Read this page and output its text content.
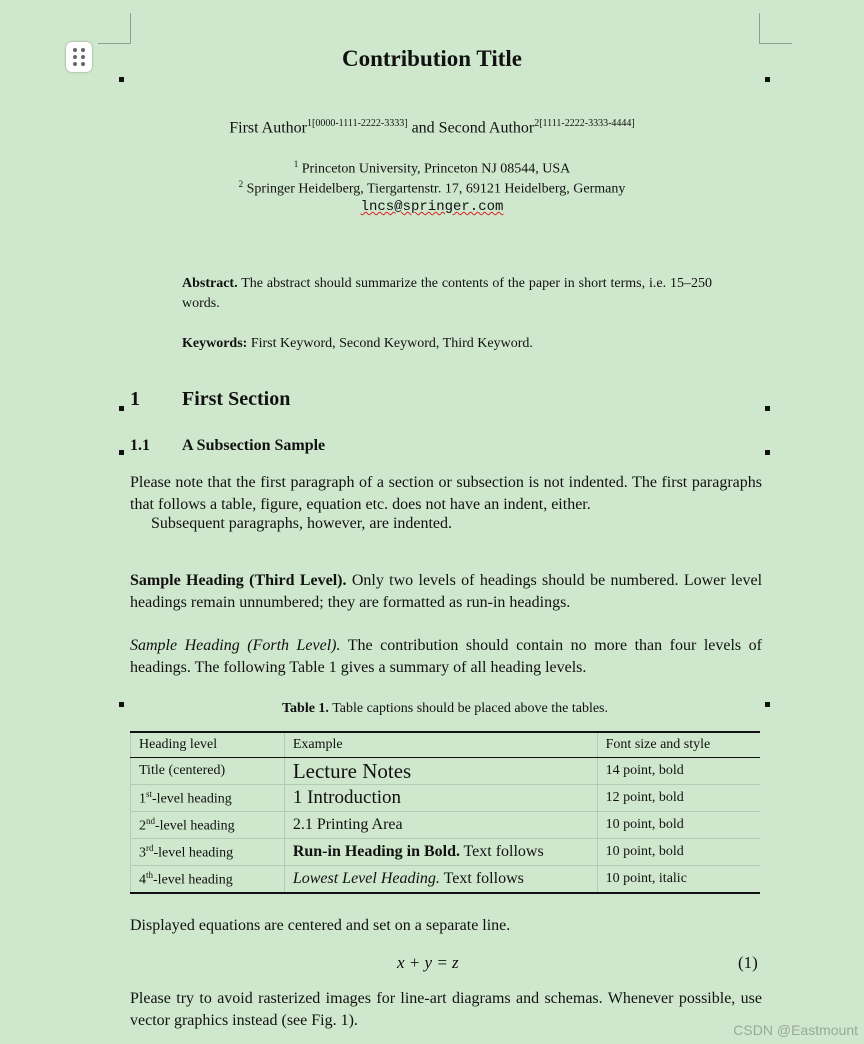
Contribution Title
First Author$^{1[0000-1111-2222-3333]}$ and Second Author$^{2[1111-2222-3333-4444]}$
$^1$ Princeton University, Princeton NJ 08544, USA
$^2$ Springer Heidelberg, Tiergartenstr. 17, 69121 Heidelberg, Germany
lncs@springer.com
Abstract. The abstract should summarize the contents of the paper in short terms, i.e. 15–250 words.
Keywords: First Keyword, Second Keyword, Third Keyword.
1 First Section
1.1 A Subsection Sample
Please note that the first paragraph of a section or subsection is not indented. The first paragraphs that follows a table, figure, equation etc. does not have an indent, either.
Subsequent paragraphs, however, are indented.
Sample Heading (Third Level). Only two levels of headings should be numbered. Lower level headings remain unnumbered; they are formatted as run-in headings.
Sample Heading (Forth Level). The contribution should contain no more than four levels of headings. The following Table 1 gives a summary of all heading levels.
Table 1. Table captions should be placed above the tables.
Heading level	Example	Font size and style
Title (centered)	Lecture Notes	14 point, bold
1st-level heading	1 Introduction	12 point, bold
2nd-level heading	2.1 Printing Area	10 point, bold
3rd-level heading	Run-in Heading in Bold. Text follows	10 point, bold
4th-level heading	Lowest Level Heading. Text follows	10 point, italic
Displayed equations are centered and set on a separate line.
x + y = z	(1)
Please try to avoid rasterized images for line-art diagrams and schemas. Whenever possible, use vector graphics instead (see Fig. 1).
CSDN @Eastmount
